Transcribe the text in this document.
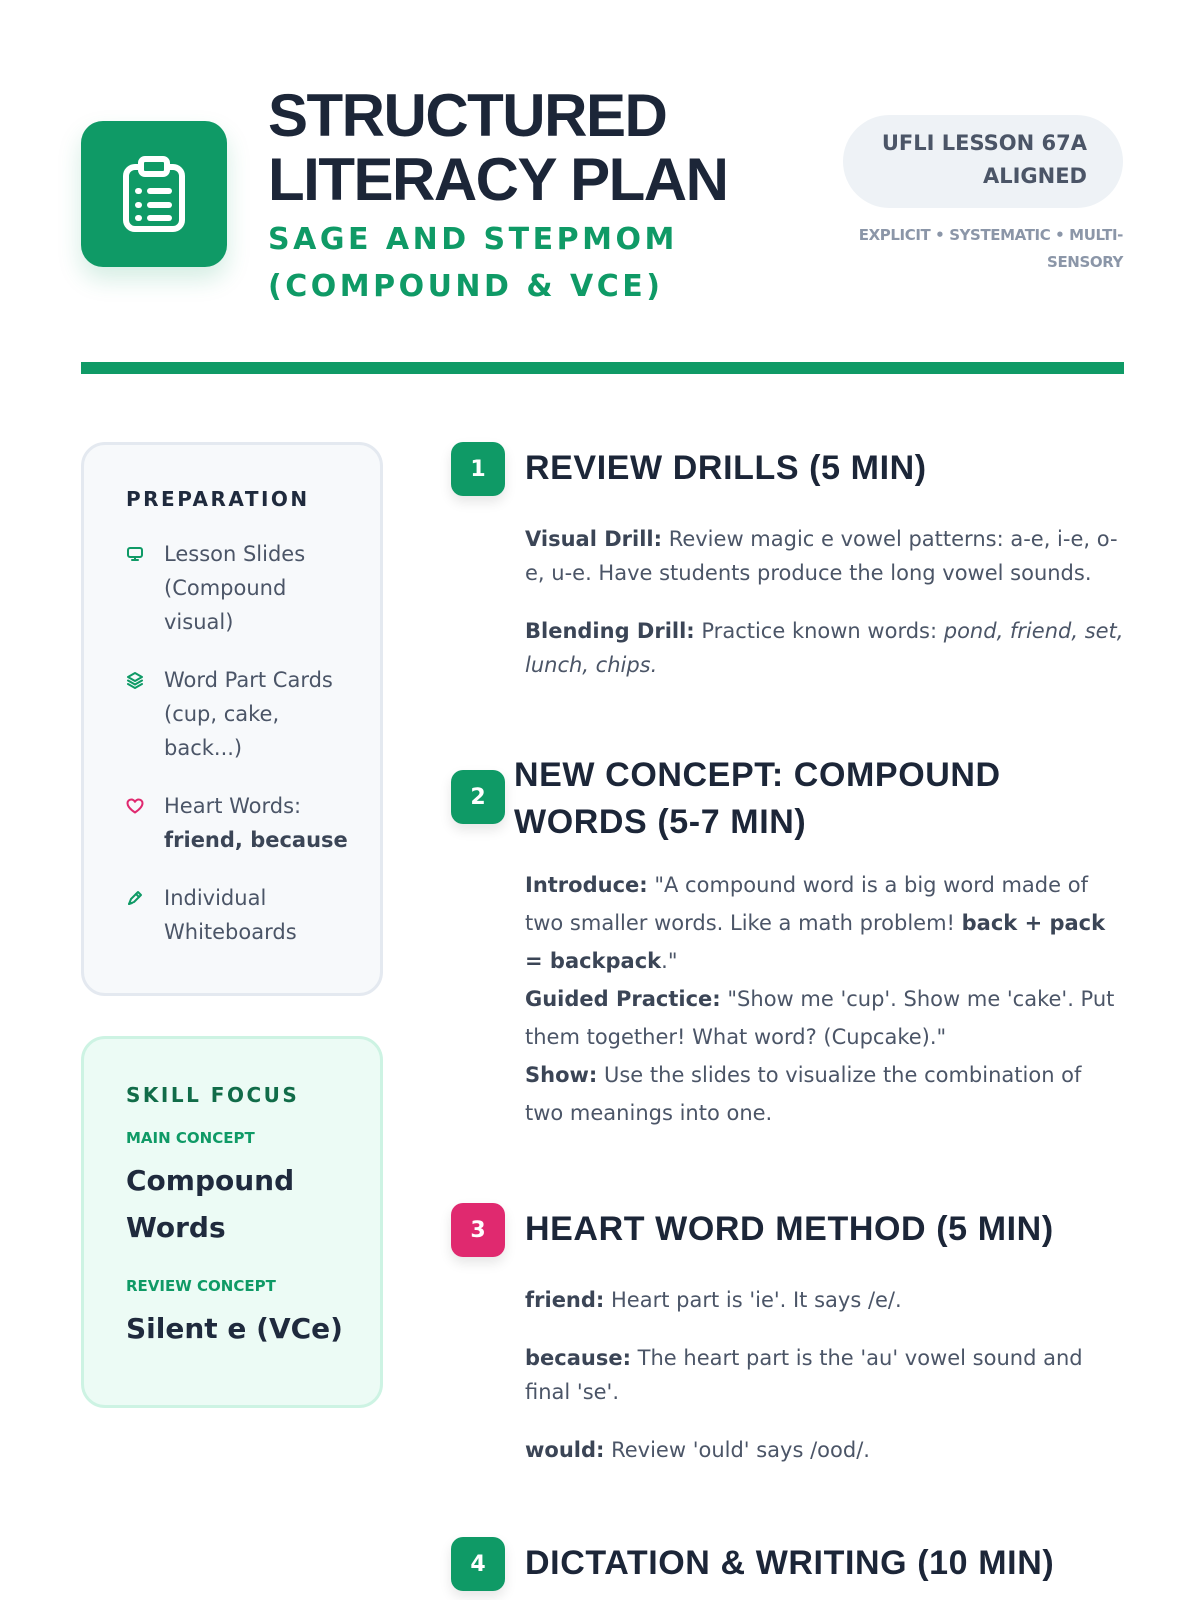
STRUCTURED LITERACY PLAN
SAGE AND STEPMOM (COMPOUND & VCE)
UFLI LESSON 67A ALIGNED
EXPLICIT • SYSTEMATIC • MULTI-SENSORY
PREPARATION
Lesson Slides (Compound visual)
Word Part Cards (cup, cake, back...)
Heart Words:
friend, because
Individual Whiteboards
SKILL FOCUS
MAIN CONCEPT
Compound Words
REVIEW CONCEPT
Silent e (VCe)
1	REVIEW DRILLS (5 MIN)

Visual Drill: Review magic e vowel patterns: a-e, i-e, o-e, u-e. Have students produce the long vowel sounds.

Blending Drill: Practice known words: pond, friend, set, lunch, chips.

2
NEW CONCEPT: COMPOUND WORDS (5-7 MIN)

Introduce: "A compound word is a big word made of two smaller words. Like a math problem! back + pack = backpack."

Guided Practice: "Show me 'cup'. Show me 'cake'. Put them together! What word? (Cupcake)."

Show: Use the slides to visualize the combination of two meanings into one.

3	HEART WORD METHOD (5 MIN)

friend: Heart part is 'ie'. It says /e/.

because: The heart part is the 'au' vowel sound and final 'se'.

would: Review 'ould' says /ood/.

4	DICTATION & WRITING (10 MIN)
